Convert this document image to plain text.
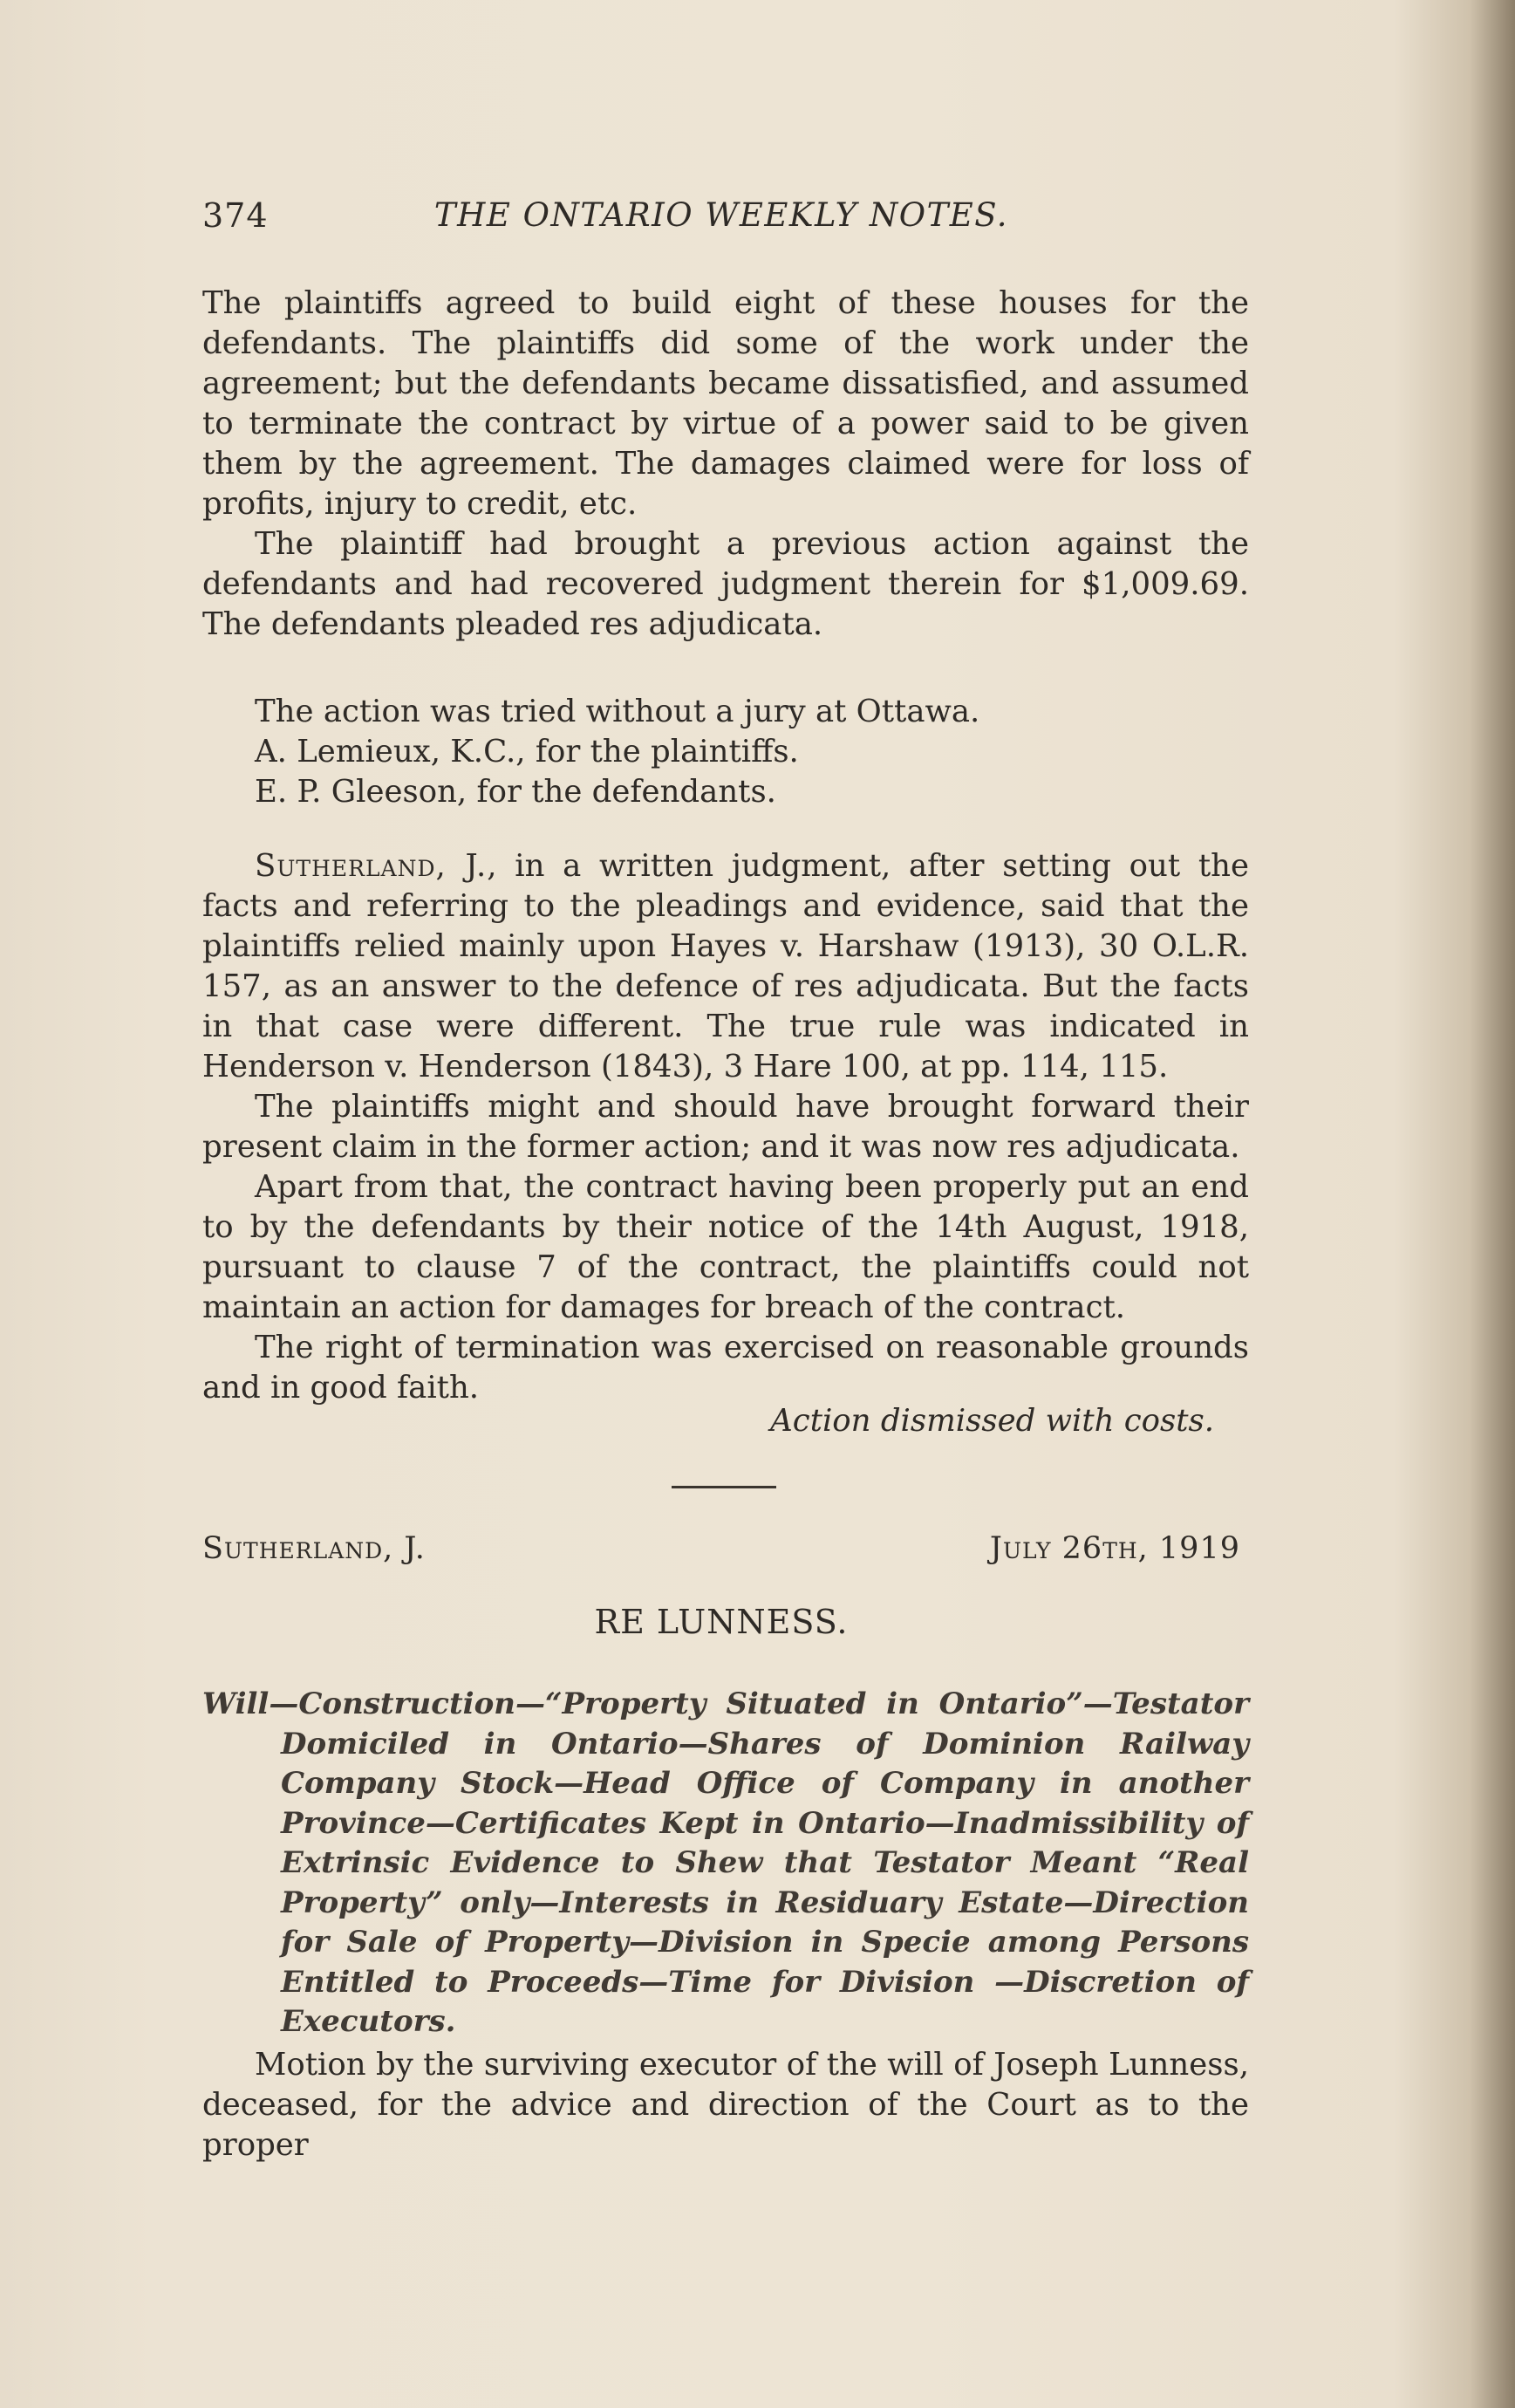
374	THE ONTARIO WEEKLY NOTES.

The plaintiffs agreed to build eight of these houses for the defendants. The plaintiffs did some of the work under the agreement; but the defendants became dissatisfied, and assumed to terminate the contract by virtue of a power said to be given them by the agreement. The damages claimed were for loss of profits, injury to credit, etc.

The plaintiff had brought a previous action against the defendants and had recovered judgment therein for $1,009.69. The defendants pleaded res adjudicata.

The action was tried without a jury at Ottawa.

A. Lemieux, K.C., for the plaintiffs.

E. P. Gleeson, for the defendants.

Sutherland, J., in a written judgment, after setting out the facts and referring to the pleadings and evidence, said that the plaintiffs relied mainly upon Hayes v. Harshaw (1913), 30 O.L.R. 157, as an answer to the defence of res adjudicata. But the facts in that case were different. The true rule was indicated in Henderson v. Henderson (1843), 3 Hare 100, at pp. 114, 115.

The plaintiffs might and should have brought forward their present claim in the former action; and it was now res adjudicata.

Apart from that, the contract having been properly put an end to by the defendants by their notice of the 14th August, 1918, pursuant to clause 7 of the contract, the plaintiffs could not maintain an action for damages for breach of the contract.

The right of termination was exercised on reasonable grounds and in good faith.

Action dismissed with costs.
Sutherland, J.	July 26th, 1919
RE LUNNESS.
Will—Construction—“Property Situated in Ontario”—Testator Domiciled in Ontario—Shares of Dominion Railway Company Stock—Head Office of Company in another Province—Certificates Kept in Ontario—Inadmissibility of Extrinsic Evidence to Shew that Testator Meant “Real Property” only—Interests in Residuary Estate—Direction for Sale of Property—Division in Specie among Persons Entitled to Proceeds—Time for Division —Discretion of Executors.

Motion by the surviving executor of the will of Joseph Lunness, deceased, for the advice and direction of the Court as to the proper
